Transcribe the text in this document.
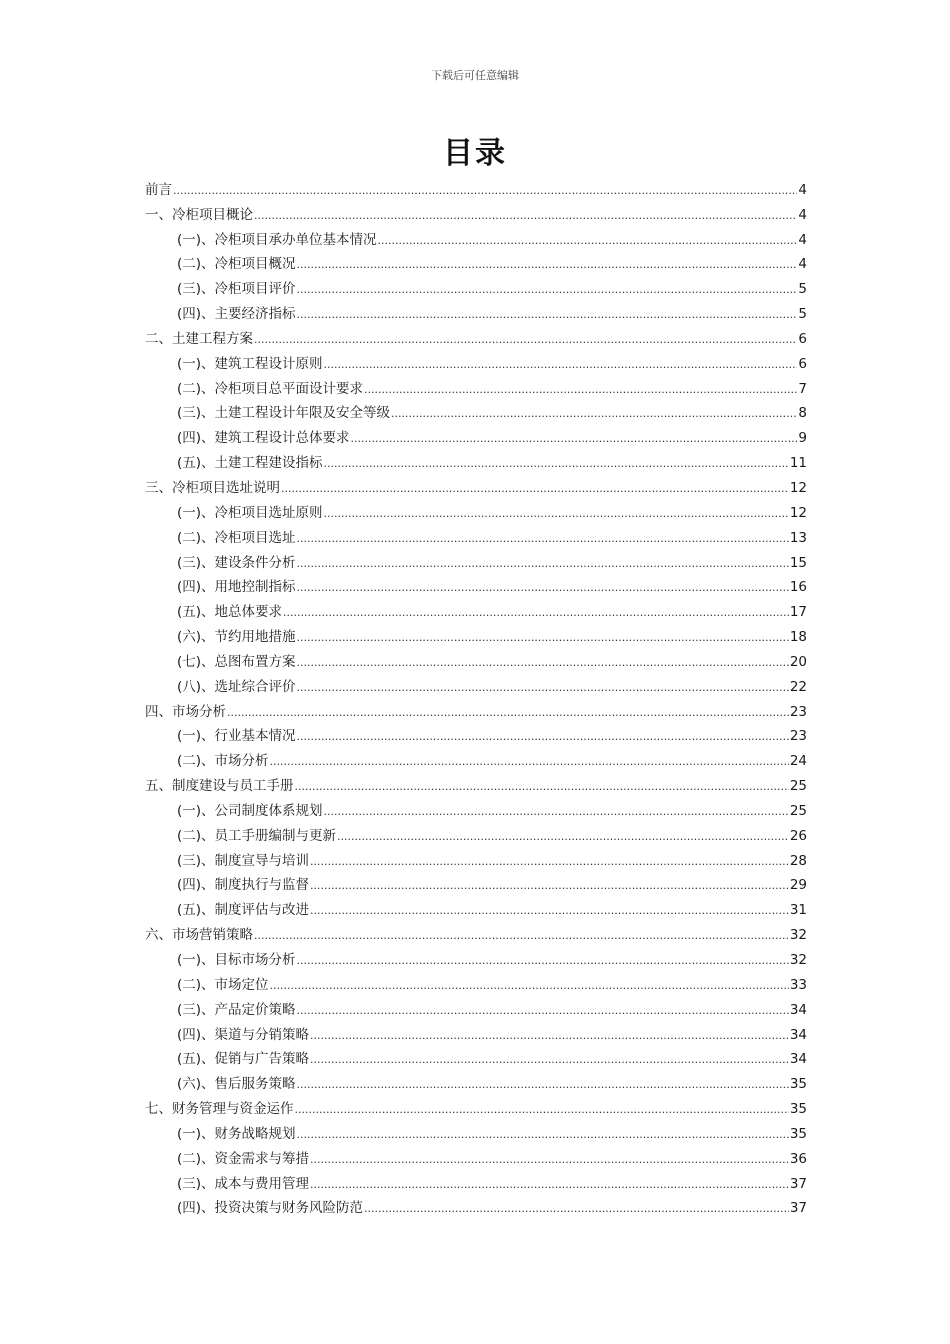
下载后可任意编辑
目录
前言 .....	4
一、冷柜项目概论 .....	4
(一)、冷柜项目承办单位基本情况 .....	4
(二)、冷柜项目概况 .....	4
(三)、冷柜项目评价 .....	5
(四)、主要经济指标 .....	5
二、土建工程方案 .....	6
(一)、建筑工程设计原则 .....	6
(二)、冷柜项目总平面设计要求 .....	7
(三)、土建工程设计年限及安全等级 .....	8
(四)、建筑工程设计总体要求 .....	9
(五)、土建工程建设指标 .....	11
三、冷柜项目选址说明 .....	12
(一)、冷柜项目选址原则 .....	12
(二)、冷柜项目选址 .....	13
(三)、建设条件分析 .....	15
(四)、用地控制指标 .....	16
(五)、地总体要求 .....	17
(六)、节约用地措施 .....	18
(七)、总图布置方案 .....	20
(八)、选址综合评价 .....	22
四、市场分析 .....	23
(一)、行业基本情况 .....	23
(二)、市场分析 .....	24
五、制度建设与员工手册 .....	25
(一)、公司制度体系规划 .....	25
(二)、员工手册编制与更新 .....	26
(三)、制度宣导与培训 .....	28
(四)、制度执行与监督 .....	29
(五)、制度评估与改进 .....	31
六、市场营销策略 .....	32
(一)、目标市场分析 .....	32
(二)、市场定位 .....	33
(三)、产品定价策略 .....	34
(四)、渠道与分销策略 .....	34
(五)、促销与广告策略 .....	34
(六)、售后服务策略 .....	35
七、财务管理与资金运作 .....	35
(一)、财务战略规划 .....	35
(二)、资金需求与筹措 .....	36
(三)、成本与费用管理 .....	37
(四)、投资决策与财务风险防范 .....	37
